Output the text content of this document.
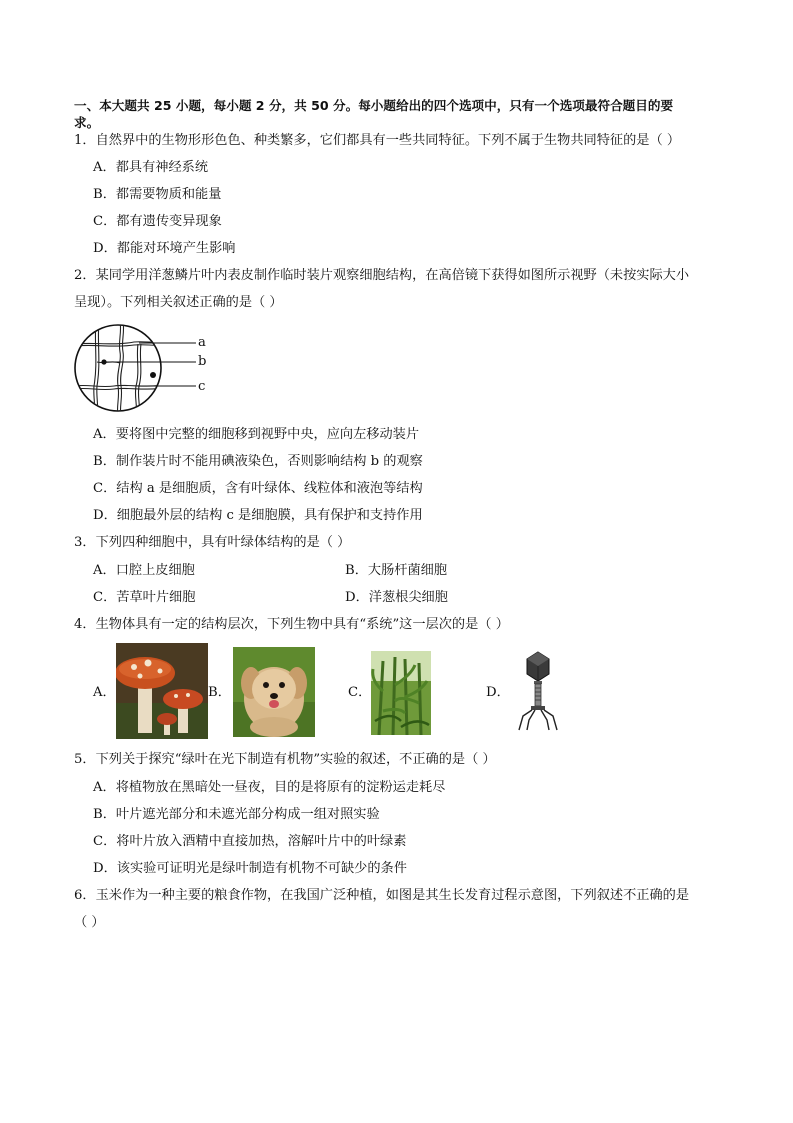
一、本大题共 25 小题，每小题 2 分，共 50 分。每小题给出的四个选项中，只有一个选项最符合题目的要
求。
1．自然界中的生物形形色色、种类繁多，它们都具有一些共同特征。下列不属于生物共同特征的是（ ）
A．都具有神经系统
B．都需要物质和能量
C．都有遗传变异现象
D．都能对环境产生影响
2．某同学用洋葱鳞片叶内表皮制作临时装片观察细胞结构，在高倍镜下获得如图所示视野（未按实际大小
呈现）。下列相关叙述正确的是（ ）
a
b
c
A．要将图中完整的细胞移到视野中央，应向左移动装片
B．制作装片时不能用碘液染色，否则影响结构 b 的观察
C．结构 a 是细胞质，含有叶绿体、线粒体和液泡等结构
D．细胞最外层的结构 c 是细胞膜，具有保护和支持作用
3．下列四种细胞中，具有叶绿体结构的是（ ）
A．口腔上皮细胞	B．大肠杆菌细胞
C．苦草叶片细胞	D．洋葱根尖细胞
4．生物体具有一定的结构层次，下列生物中具有“系统”这一层次的是（ ）
A．	B．	C．	D．
5．下列关于探究“绿叶在光下制造有机物”实验的叙述，不正确的是（ ）
A．将植物放在黑暗处一昼夜，目的是将原有的淀粉运走耗尽
B．叶片遮光部分和未遮光部分构成一组对照实验
C．将叶片放入酒精中直接加热，溶解叶片中的叶绿素
D．该实验可证明光是绿叶制造有机物不可缺少的条件
6．玉米作为一种主要的粮食作物，在我国广泛种植，如图是其生长发育过程示意图，下列叙述不正确的是
（ ）
